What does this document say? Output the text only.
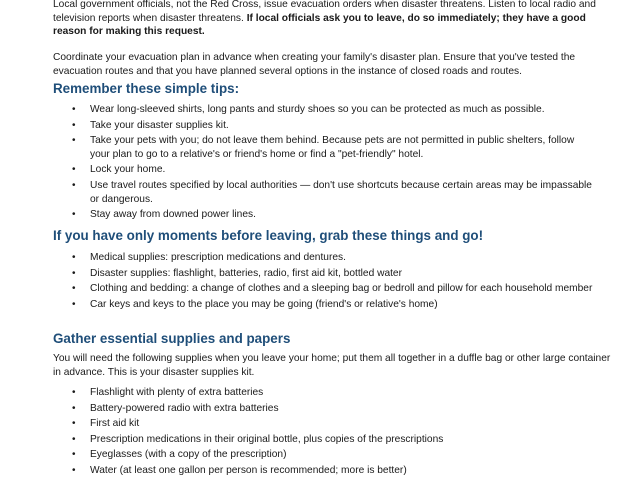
Local government officials, not the Red Cross, issue evacuation orders when disaster threatens. Listen to local radio and television reports when disaster threatens. If local officials ask you to leave, do so immediately; they have a good reason for making this request.

Coordinate your evacuation plan in advance when creating your family's disaster plan. Ensure that you've tested the evacuation routes and that you have planned several options in the instance of closed roads and routes.

Remember these simple tips:
• Wear long-sleeved shirts, long pants and sturdy shoes so you can be protected as much as possible.
• Take your disaster supplies kit.
• Take your pets with you; do not leave them behind. Because pets are not permitted in public shelters, follow your plan to go to a relative's or friend's home or find a "pet-friendly" hotel.
• Lock your home.
• Use travel routes specified by local authorities — don't use shortcuts because certain areas may be impassable or dangerous.
• Stay away from downed power lines.
If you have only moments before leaving, grab these things and go!
• Medical supplies: prescription medications and dentures.
• Disaster supplies: flashlight, batteries, radio, first aid kit, bottled water
• Clothing and bedding: a change of clothes and a sleeping bag or bedroll and pillow for each household member
• Car keys and keys to the place you may be going (friend's or relative's home)
Gather essential supplies and papers

You will need the following supplies when you leave your home; put them all together in a duffle bag or other large container in advance. This is your disaster supplies kit.

• Flashlight with plenty of extra batteries
• Battery-powered radio with extra batteries
• First aid kit
• Prescription medications in their original bottle, plus copies of the prescriptions
• Eyeglasses (with a copy of the prescription)
• Water (at least one gallon per person is recommended; more is better)
